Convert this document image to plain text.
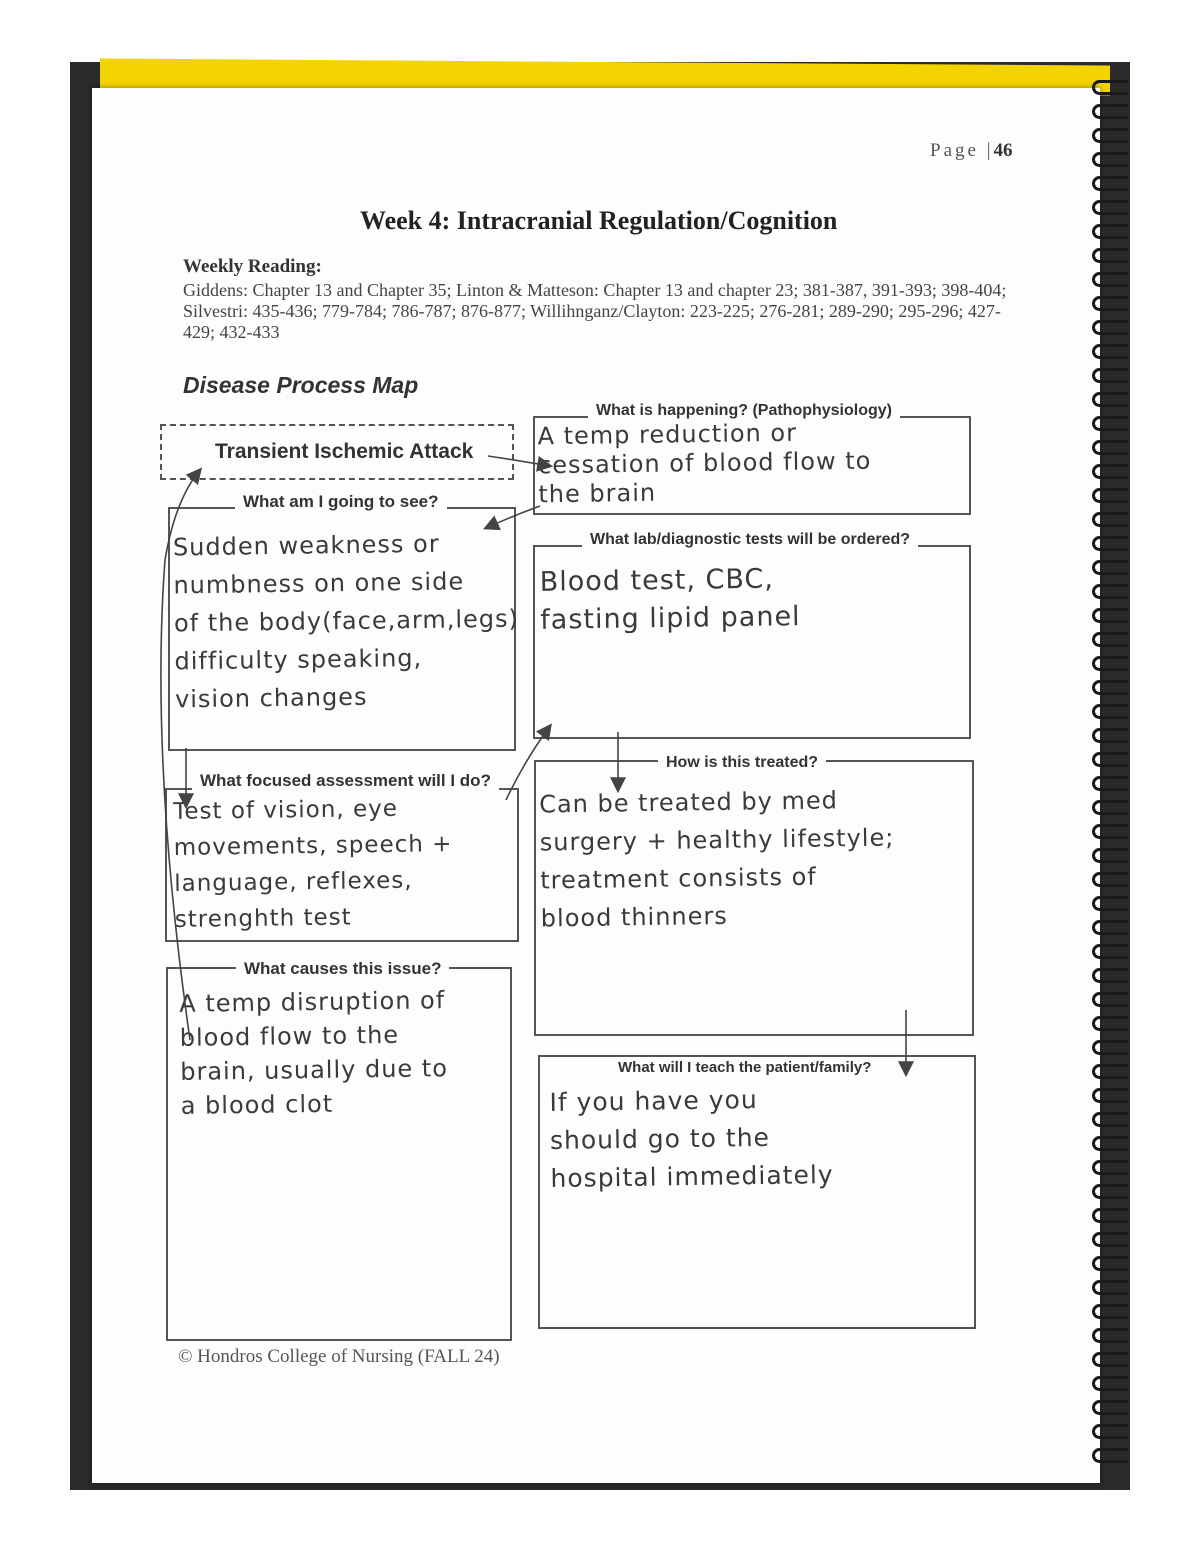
Page |46
Week 4: Intracranial Regulation/Cognition
Weekly Reading:
Giddens: Chapter 13 and Chapter 35; Linton & Matteson: Chapter 13 and chapter 23; 381-387, 391-393; 398-404; Silvestri: 435-436; 779-784; 786-787; 876-877; Willihnganz/Clayton: 223-225; 276-281; 289-290; 295-296; 427-429; 432-433
Disease Process Map
Transient Ischemic Attack
What is happening? (Pathophysiology)
A temp reduction or
cessation of blood flow to
the brain
What am I going to see?
Sudden weakness or
numbness on one side
of the body(face,arm,legs)
difficulty speaking,
vision changes
What lab/diagnostic tests will be ordered?
Blood test, CBC,
fasting lipid panel
What focused assessment will I do?
Test of vision, eye
movements, speech +
language, reflexes,
strenghth test
How is this treated?
Can be treated by med
surgery + healthy lifestyle;
treatment consists of
blood thinners
What causes this issue?
A temp disruption of
blood flow to the
brain, usually due to
a blood clot
What will I teach the patient/family?
If you have you
should go to the
hospital immediately
© Hondros College of Nursing (FALL 24)
